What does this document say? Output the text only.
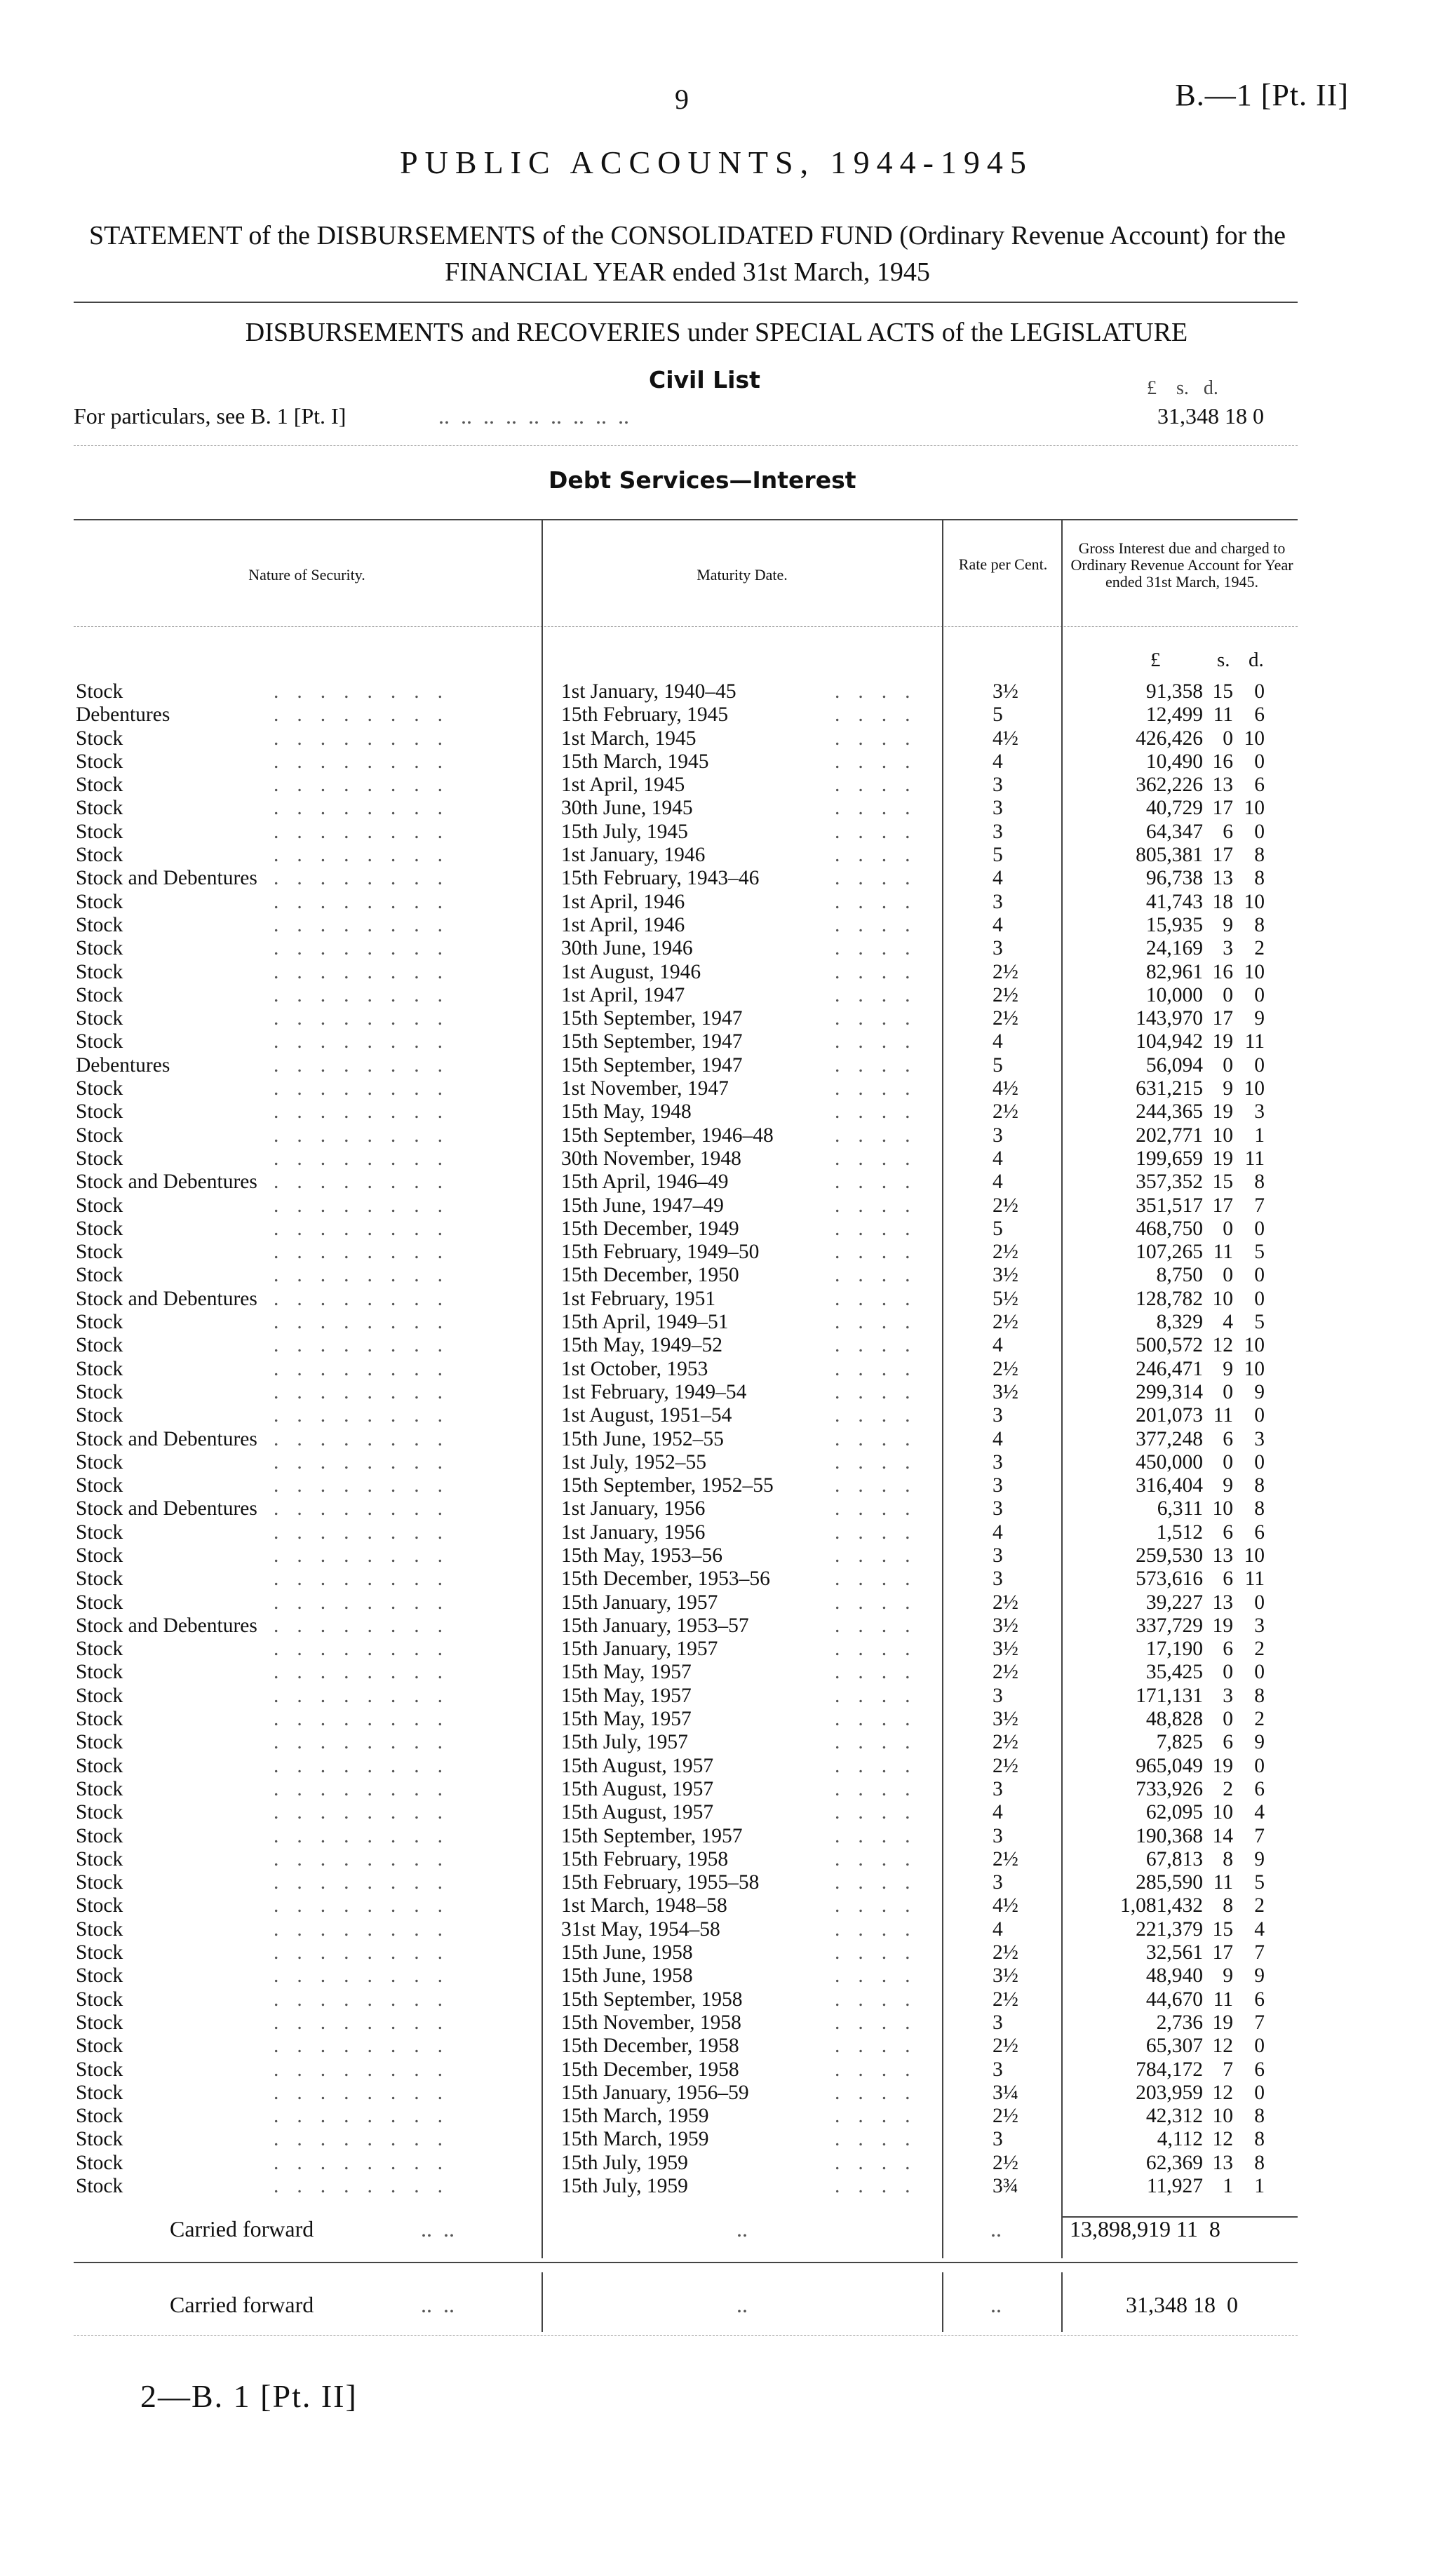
9	B.—1 [Pt. II]
PUBLIC ACCOUNTS, 1944-1945
STATEMENT of the DISBURSEMENTS of the CONSOLIDATED FUND (Ordinary Revenue Account) for the FINANCIAL YEAR ended 31st March, 1945
DISBURSEMENTS and RECOVERIES under SPECIAL ACTS of the LEGISLATURE
Civil List	£ s. d.
For particulars, see B. 1 [Pt. I]	..  ..  ..  ..  ..  ..  ..  ..  ..	31,348 18 0
Debt Services—Interest
Nature of Security.	Maturity Date.
Rate per Cent.
Gross Interest due and charged to Ordinary Revenue Account for Year ended 31st March, 1945.
£	s. d.
Stock	........	1st January, 1940–45	....	3½	91,358 15	0
Debentures	........	15th February, 1945	....	5	12,499 11	6
Stock	........	1st March, 1945	....	4½	426,426 0 10
Stock	........	15th March, 1945	....	4	10,490 16	0
Stock	........	1st April, 1945	....	3	362,226 13	6
Stock	........	30th June, 1945	....	3	40,729 17 10
Stock	........	15th July, 1945	....	3	64,347 6	0
Stock	........	1st January, 1946	....	5	805,381 17	8
Stock and Debentures ........	15th February, 1943–46	....	4	96,738 13	8
Stock	........	1st April, 1946	....	3	41,743 18 10
Stock	........	1st April, 1946	....	4	15,935 9	8
Stock	........	30th June, 1946	....	3	24,169 3	2
Stock	........	1st August, 1946	....	2½	82,961 16 10
Stock	........	1st April, 1947	....	2½	10,000 0	0
Stock	........	15th September, 1947	....	2½	143,970 17	9
Stock	........	15th September, 1947	....	4	104,942 19 11
Debentures	........	15th September, 1947	....	5	56,094 0	0
Stock	........	1st November, 1947	....	4½	631,215 9 10
Stock	........	15th May, 1948	....	2½	244,365 19	3
Stock	........	15th September, 1946–48	....	3	202,771 10	1
Stock	........	30th November, 1948	....	4	199,659 19 11
Stock and Debentures ........	15th April, 1946–49	....	4	357,352 15	8
Stock	........	15th June, 1947–49	....	2½	351,517 17	7
Stock	........	15th December, 1949	....	5	468,750 0	0
Stock	........	15th February, 1949–50	....	2½	107,265 11	5
Stock	........	15th December, 1950	....	3½	8,750 0	0
Stock and Debentures ........	1st February, 1951	....	5½	128,782 10	0
Stock	........	15th April, 1949–51	....	2½	8,329 4	5
Stock	........	15th May, 1949–52	....	4	500,572 12 10
Stock	........	1st October, 1953	....	2½	246,471 9 10
Stock	........	1st February, 1949–54	....	3½	299,314 0	9
Stock	........	1st August, 1951–54	....	3	201,073 11	0
Stock and Debentures ........	15th June, 1952–55	....	4	377,248 6	3
Stock	........	1st July, 1952–55	....	3	450,000 0	0
Stock	........	15th September, 1952–55	....	3	316,404 9	8
Stock and Debentures ........	1st January, 1956	....	3	6,311 10	8
Stock	........	1st January, 1956	....	4	1,512 6	6
Stock	........	15th May, 1953–56	....	3	259,530 13 10
Stock	........	15th December, 1953–56	....	3	573,616 6 11
Stock	........	15th January, 1957	....	2½	39,227 13	0
Stock and Debentures ........	15th January, 1953–57	....	3½	337,729 19	3
Stock	........	15th January, 1957	....	3½	17,190 6	2
Stock	........	15th May, 1957	....	2½	35,425 0	0
Stock	........	15th May, 1957	....	3	171,131 3	8
Stock	........	15th May, 1957	....	3½	48,828 0	2
Stock	........	15th July, 1957	....	2½	7,825 6	9
Stock	........	15th August, 1957	....	2½	965,049 19	0
Stock	........	15th August, 1957	....	3	733,926 2	6
Stock	........	15th August, 1957	....	4	62,095 10	4
Stock	........	15th September, 1957	....	3	190,368 14	7
Stock	........	15th February, 1958	....	2½	67,813 8	9
Stock	........	15th February, 1955–58	....	3	285,590 11	5
Stock	........	1st March, 1948–58	....	4½	1,081,432 8	2
Stock	........	31st May, 1954–58	....	4	221,379 15	4
Stock	........	15th June, 1958	....	2½	32,561 17	7
Stock	........	15th June, 1958	....	3½	48,940 9	9
Stock	........	15th September, 1958	....	2½	44,670 11	6
Stock	........	15th November, 1958	....	3	2,736 19	7
Stock	........	15th December, 1958	....	2½	65,307 12	0
Stock	........	15th December, 1958	....	3	784,172 7	6
Stock	........	15th January, 1956–59	....	3¼	203,959 12	0
Stock	........	15th March, 1959	....	2½	42,312 10	8
Stock	........	15th March, 1959	....	3	4,112 12	8
Stock	........	15th July, 1959	....	2½	62,369 13	8
Stock	........	15th July, 1959	....	3¾	11,927 1	1
Carried forward	..  ..	..	..	13,898,919 11  8
Carried forward	..  ..	..	..	31,348 18  0
2—B. 1 [Pt. II]
